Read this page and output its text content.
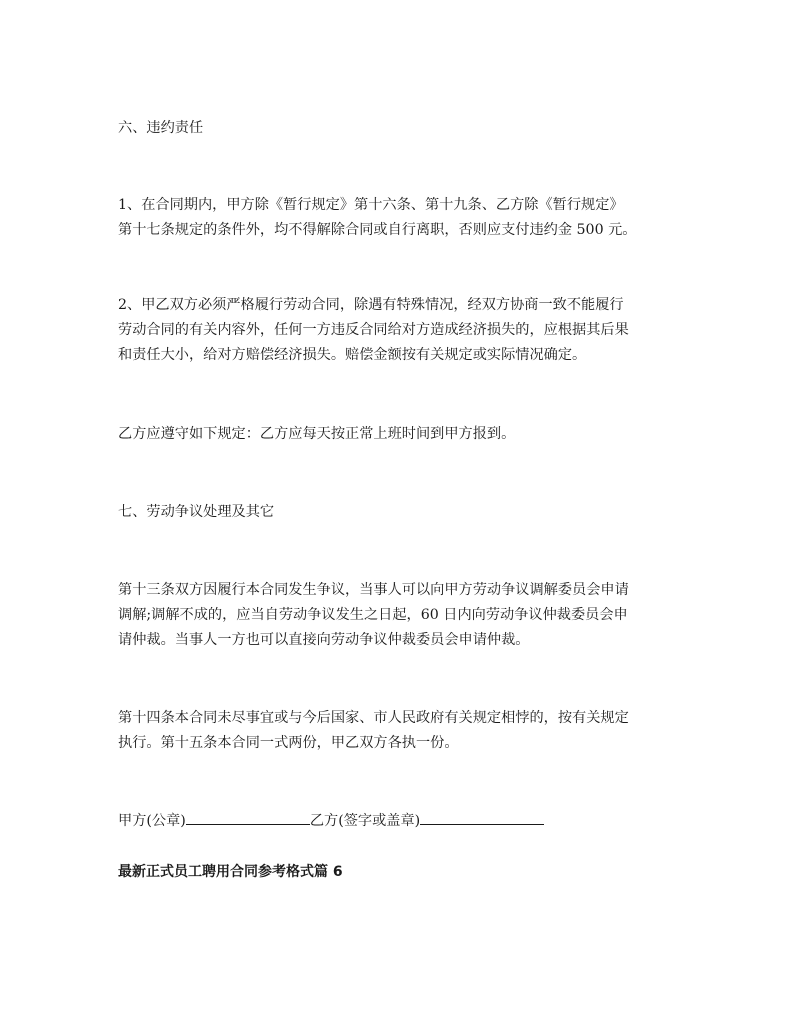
六、违约责任

1、在合同期内，甲方除《暂行规定》第十六条、第十九条、乙方除《暂行规定》
第十七条规定的条件外，均不得解除合同或自行离职，否则应支付违约金 500 元。

2、甲乙双方必须严格履行劳动合同，除遇有特殊情况，经双方协商一致不能履行
劳动合同的有关内容外，任何一方违反合同给对方造成经济损失的，应根据其后果
和责任大小，给对方赔偿经济损失。赔偿金额按有关规定或实际情况确定。

乙方应遵守如下规定：乙方应每天按正常上班时间到甲方报到。

七、劳动争议处理及其它

第十三条双方因履行本合同发生争议，当事人可以向甲方劳动争议调解委员会申请
调解;调解不成的，应当自劳动争议发生之日起，60 日内向劳动争议仲裁委员会申
请仲裁。当事人一方也可以直接向劳动争议仲裁委员会申请仲裁。

第十四条本合同未尽事宜或与今后国家、市人民政府有关规定相悖的，按有关规定
执行。第十五条本合同一式两份，甲乙双方各执一份。

甲方(公章)	乙方(签字或盖章)

最新正式员工聘用合同参考格式篇 6
